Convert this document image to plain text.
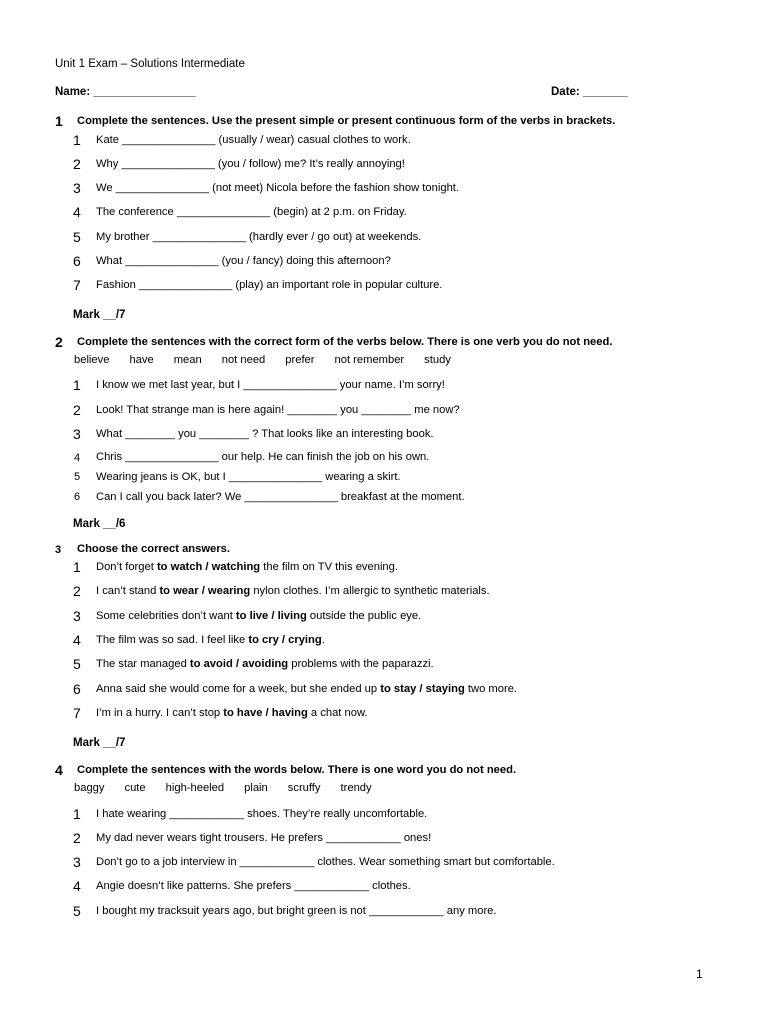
Unit 1 Exam – Solutions Intermediate
Name: ________________	Date: _______
1 Complete the sentences. Use the present simple or present continuous form of the verbs in brackets.
1 Kate _______________ (usually / wear) casual clothes to work.
2 Why _______________ (you / follow) me? It’s really annoying!
3 We _______________ (not meet) Nicola before the fashion show tonight.
4 The conference _______________ (begin) at 2 p.m. on Friday.
5 My brother _______________ (hardly ever / go out) at weekends.
6 What _______________ (you / fancy) doing this afternoon?
7 Fashion _______________ (play) an important role in popular culture.
Mark __/7
2 Complete the sentences with the correct form of the verbs below. There is one verb you do not need.
believe have mean not need prefer not remember study
1 I know we met last year, but I _______________ your name. I’m sorry!
2 Look! That strange man is here again! ________ you ________ me now?
3 What ________ you ________ ? That looks like an interesting book.
4 Chris _______________ our help. He can finish the job on his own.
5 Wearing jeans is OK, but I _______________ wearing a skirt.
6 Can I call you back later? We _______________ breakfast at the moment.
Mark __/6
3 Choose the correct answers.
1 Don’t forget to watch / watching the film on TV this evening.
2 I can’t stand to wear / wearing nylon clothes. I’m allergic to synthetic materials.
3 Some celebrities don’t want to live / living outside the public eye.
4 The film was so sad. I feel like to cry / crying.
5 The star managed to avoid / avoiding problems with the paparazzi.
6 Anna said she would come for a week, but she ended up to stay / staying two more.
7 I’m in a hurry. I can’t stop to have / having a chat now.
Mark __/7
4 Complete the sentences with the words below. There is one word you do not need.
baggy cute high-heeled plain scruffy trendy
1 I hate wearing ____________ shoes. They’re really uncomfortable.
2 My dad never wears tight trousers. He prefers ____________ ones!
3 Don’t go to a job interview in ____________ clothes. Wear something smart but comfortable.
4 Angie doesn’t like patterns. She prefers ____________ clothes.
5 I bought my tracksuit years ago, but bright green is not ____________ any more.
1
